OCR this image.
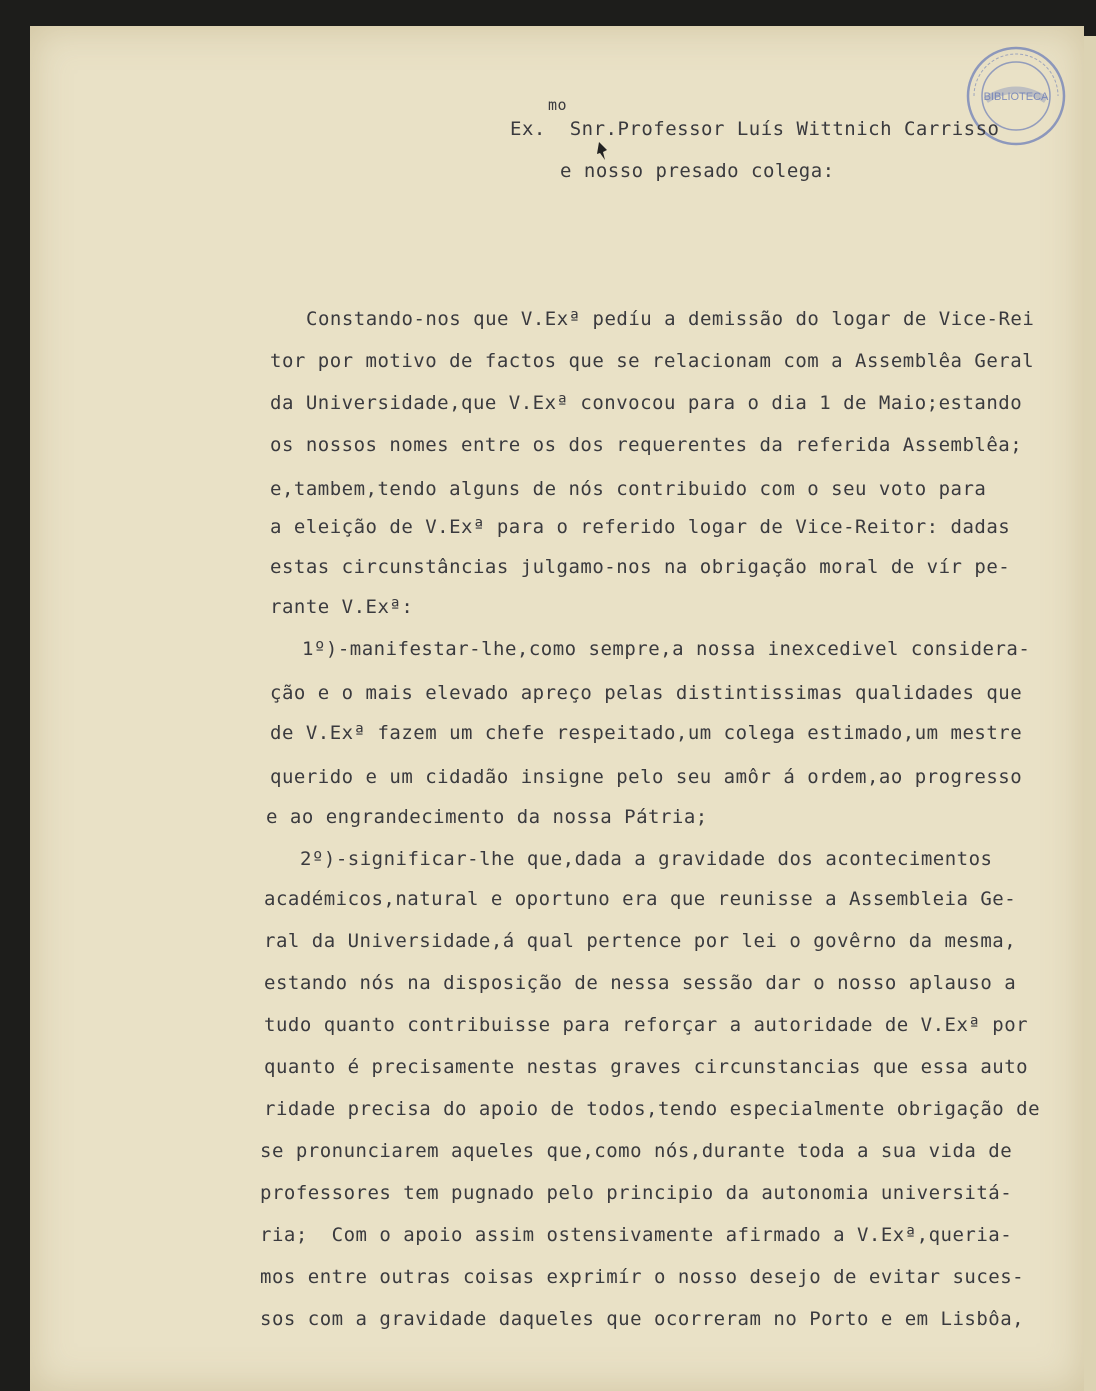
BIBLIOTECA
mo
Ex.  Snr.Professor Luís Wittnich Carrisso
e nosso presado colega:
Constando-nos que V.Exª pedíu a demissão do logar de Vice-Rei
tor por motivo de factos que se relacionam com a Assemblêa Geral
da Universidade,que V.Exª convocou para o dia 1 de Maio;estando
os nossos nomes entre os dos requerentes da referida Assemblêa;
e,tambem,tendo alguns de nós contribuido com o seu voto para
a eleição de V.Exª para o referido logar de Vice-Reitor: dadas
estas circunstâncias julgamo-nos na obrigação moral de vír pe-
rante V.Exª:
1º)-manifestar-lhe,como sempre,a nossa inexcedivel considera-
ção e o mais elevado apreço pelas distintissimas qualidades que
de V.Exª fazem um chefe respeitado,um colega estimado,um mestre
querido e um cidadão insigne pelo seu amôr á ordem,ao progresso
e ao engrandecimento da nossa Pátria;
2º)-significar-lhe que,dada a gravidade dos acontecimentos
académicos,natural e oportuno era que reunisse a Assembleia Ge-
ral da Universidade,á qual pertence por lei o govêrno da mesma,
estando nós na disposição de nessa sessão dar o nosso aplauso a
tudo quanto contribuisse para reforçar a autoridade de V.Exª por
quanto é precisamente nestas graves circunstancias que essa auto
ridade precisa do apoio de todos,tendo especialmente obrigação de
se pronunciarem aqueles que,como nós,durante toda a sua vida de
professores tem pugnado pelo principio da autonomia universitá-
ria;  Com o apoio assim ostensivamente afirmado a V.Exª,queria-
mos entre outras coisas exprimír o nosso desejo de evitar suces-
sos com a gravidade daqueles que ocorreram no Porto e em Lisbôa,
